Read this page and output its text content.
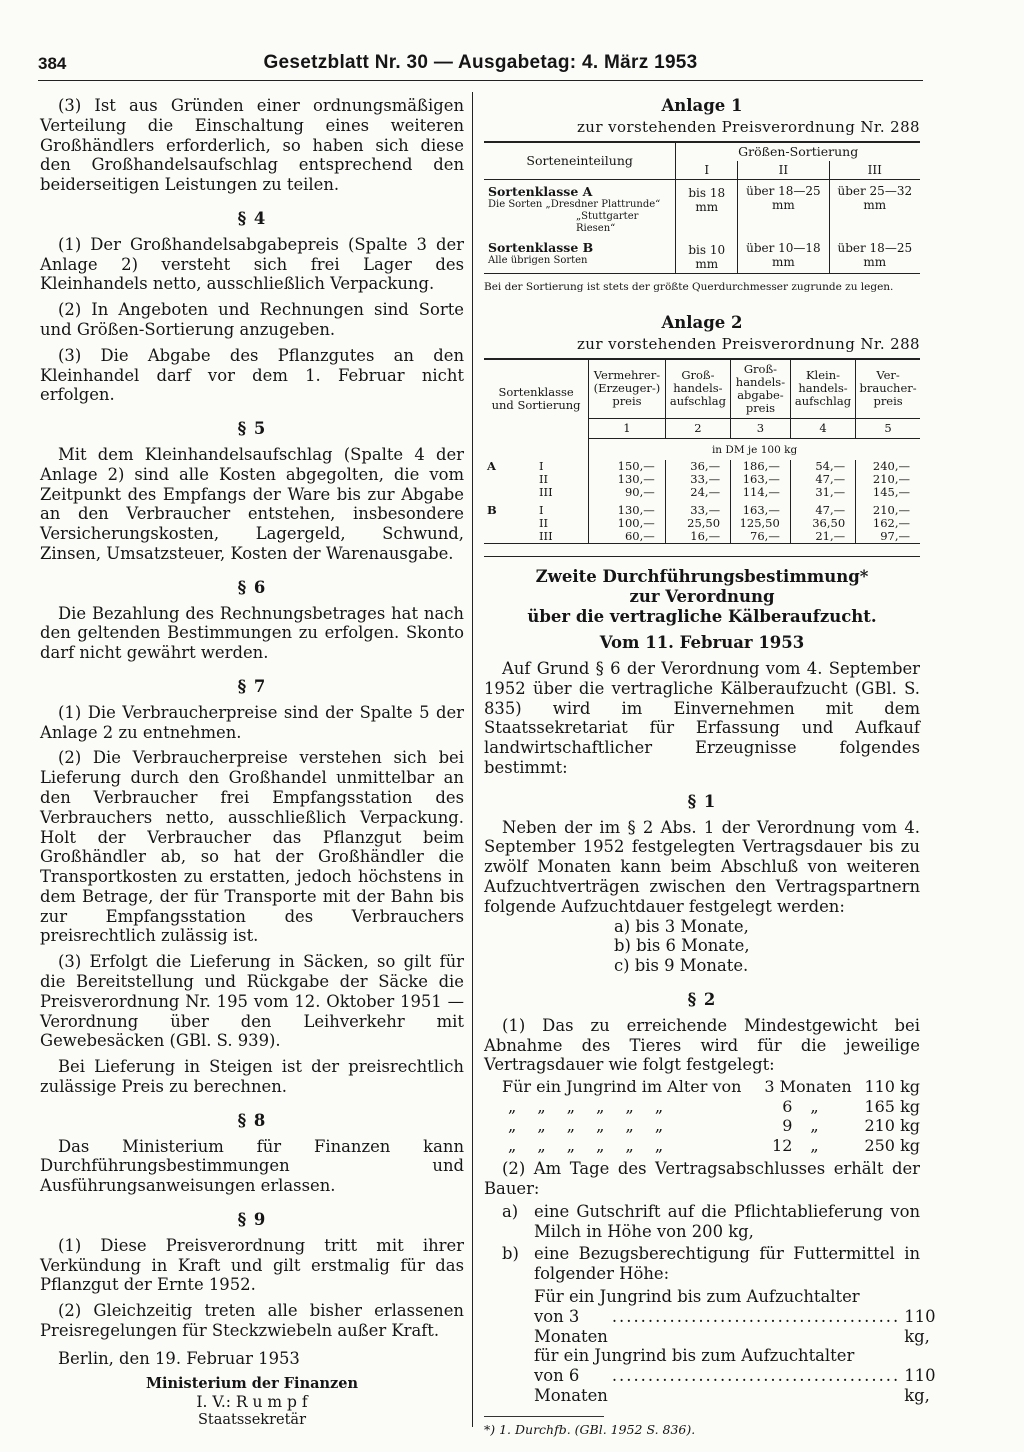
384	Gesetzblatt Nr. 30 — Ausgabetag: 4. März 1953

(3) Ist aus Gründen einer ordnungsmäßigen Verteilung die Einschaltung eines weiteren Großhändlers erforderlich, so haben sich diese den Großhandelsaufschlag entsprechend den beiderseitigen Leistungen zu teilen.

§ 4

(1) Der Großhandelsabgabepreis (Spalte 3 der Anlage 2) versteht sich frei Lager des Kleinhandels netto, ausschließlich Verpackung.

(2) In Angeboten und Rechnungen sind Sorte und Größen-Sortierung anzugeben.

(3) Die Abgabe des Pflanzgutes an den Kleinhandel darf vor dem 1. Februar nicht erfolgen.

§ 5

Mit dem Kleinhandelsaufschlag (Spalte 4 der Anlage 2) sind alle Kosten abgegolten, die vom Zeitpunkt des Empfangs der Ware bis zur Abgabe an den Verbraucher entstehen, insbesondere Versicherungskosten, Lagergeld, Schwund, Zinsen, Umsatzsteuer, Kosten der Warenausgabe.

§ 6

Die Bezahlung des Rechnungsbetrages hat nach den geltenden Bestimmungen zu erfolgen. Skonto darf nicht gewährt werden.

§ 7

(1) Die Verbraucherpreise sind der Spalte 5 der Anlage 2 zu entnehmen.

(2) Die Verbraucherpreise verstehen sich bei Lieferung durch den Großhandel unmittelbar an den Verbraucher frei Empfangsstation des Verbrauchers netto, ausschließlich Verpackung. Holt der Verbraucher das Pflanzgut beim Großhändler ab, so hat der Großhändler die Transportkosten zu erstatten, jedoch höchstens in dem Betrage, der für Transporte mit der Bahn bis zur Empfangsstation des Verbrauchers preisrechtlich zulässig ist.

(3) Erfolgt die Lieferung in Säcken, so gilt für die Bereitstellung und Rückgabe der Säcke die Preisverordnung Nr. 195 vom 12. Oktober 1951 — Verordnung über den Leihverkehr mit Gewebesäcken (GBl. S. 939).

Bei Lieferung in Steigen ist der preisrechtlich zulässige Preis zu berechnen.

§ 8

Das Ministerium für Finanzen kann Durchführungsbestimmungen und Ausführungsanweisungen erlassen.

§ 9

(1) Diese Preisverordnung tritt mit ihrer Verkündung in Kraft und gilt erstmalig für das Pflanzgut der Ernte 1952.

(2) Gleichzeitig treten alle bisher erlassenen Preisregelungen für Steckzwiebeln außer Kraft.

Berlin, den 19. Februar 1953

Ministerium der Finanzen
I. V.: R u m p f
Staatssekretär
Anlage 1
zur vorstehenden Preisverordnung Nr. 288
Sorteneinteilung	Größen-Sortierung		
	I	II	III

Sortenklasse A
Die Sorten „Dresdner Plattrunde“
„Stuttgarter Riesen“	bis 18 mm	über 18—25 mm	über 25—32 mm

Sortenklasse B
Alle übrigen Sorten	bis 10 mm	über 10—18 mm	über 18—25 mm
Bei der Sortierung ist stets der größte Querdurchmesser zugrunde zu legen.
Anlage 2
zur vorstehenden Preisverordnung Nr. 288
Sortenklasse und Sortierung	Vermehrer-(Erzeuger-) preis	Groß-handels-aufschlag	Groß-handels-abgabe-preis	Klein-handels-aufschlag	Ver-braucher-preis
	1	2	3	4	5
	in DM je 100 kg				
A I	150,—	36,—	186,—	54,—	240,—
II	130,—	33,—	163,—	47,—	210,—
III	90,—	24,—	114,—	31,—	145,—
B I	130,—	33,—	163,—	47,—	210,—
II	100,—	25,50	125,50	36,50	162,—
III	60,—	16,—	76,—	21,—	97,—
Zweite Durchführungsbestimmung*
zur Verordnung
über die vertragliche Kälberaufzucht.
Vom 11. Februar 1953

Auf Grund § 6 der Verordnung vom 4. September 1952 über die vertragliche Kälberaufzucht (GBl. S. 835) wird im Einvernehmen mit dem Staatssekretariat für Erfassung und Aufkauf landwirtschaftlicher Erzeugnisse folgendes bestimmt:

§ 1

Neben der im § 2 Abs. 1 der Verordnung vom 4. September 1952 festgelegten Vertragsdauer bis zu zwölf Monaten kann beim Abschluß von weiteren Aufzuchtverträgen zwischen den Vertragspartnern folgende Aufzuchtdauer festgelegt werden:

a) bis 3 Monate,
b) bis 6 Monate,
c) bis 9 Monate.
§ 2

(1) Das zu erreichende Mindestgewicht bei Abnahme des Tieres wird für die jeweilige Vertragsdauer wie folgt festgelegt:

Für ein Jungrind im Alter von	3 Monaten	110 kg
„ „ „ „ „ „	6 „	165 kg
„ „ „ „ „ „	9 „	210 kg
„ „ „ „ „ „	12 „	250 kg

(2) Am Tage des Vertragsabschlusses erhält der Bauer:

a) eine Gutschrift auf die Pflichtablieferung von Milch in Höhe von 200 kg,
b) eine Bezugsberechtigung für Futtermittel in folgender Höhe:
Für ein Jungrind bis zum Aufzuchtalter
von 3 Monaten
........................................ 110 kg,
für ein Jungrind bis zum Aufzuchtalter
von 6 Monaten
........................................ 110 kg,
*) 1. Durchfb. (GBl. 1952 S. 836).
